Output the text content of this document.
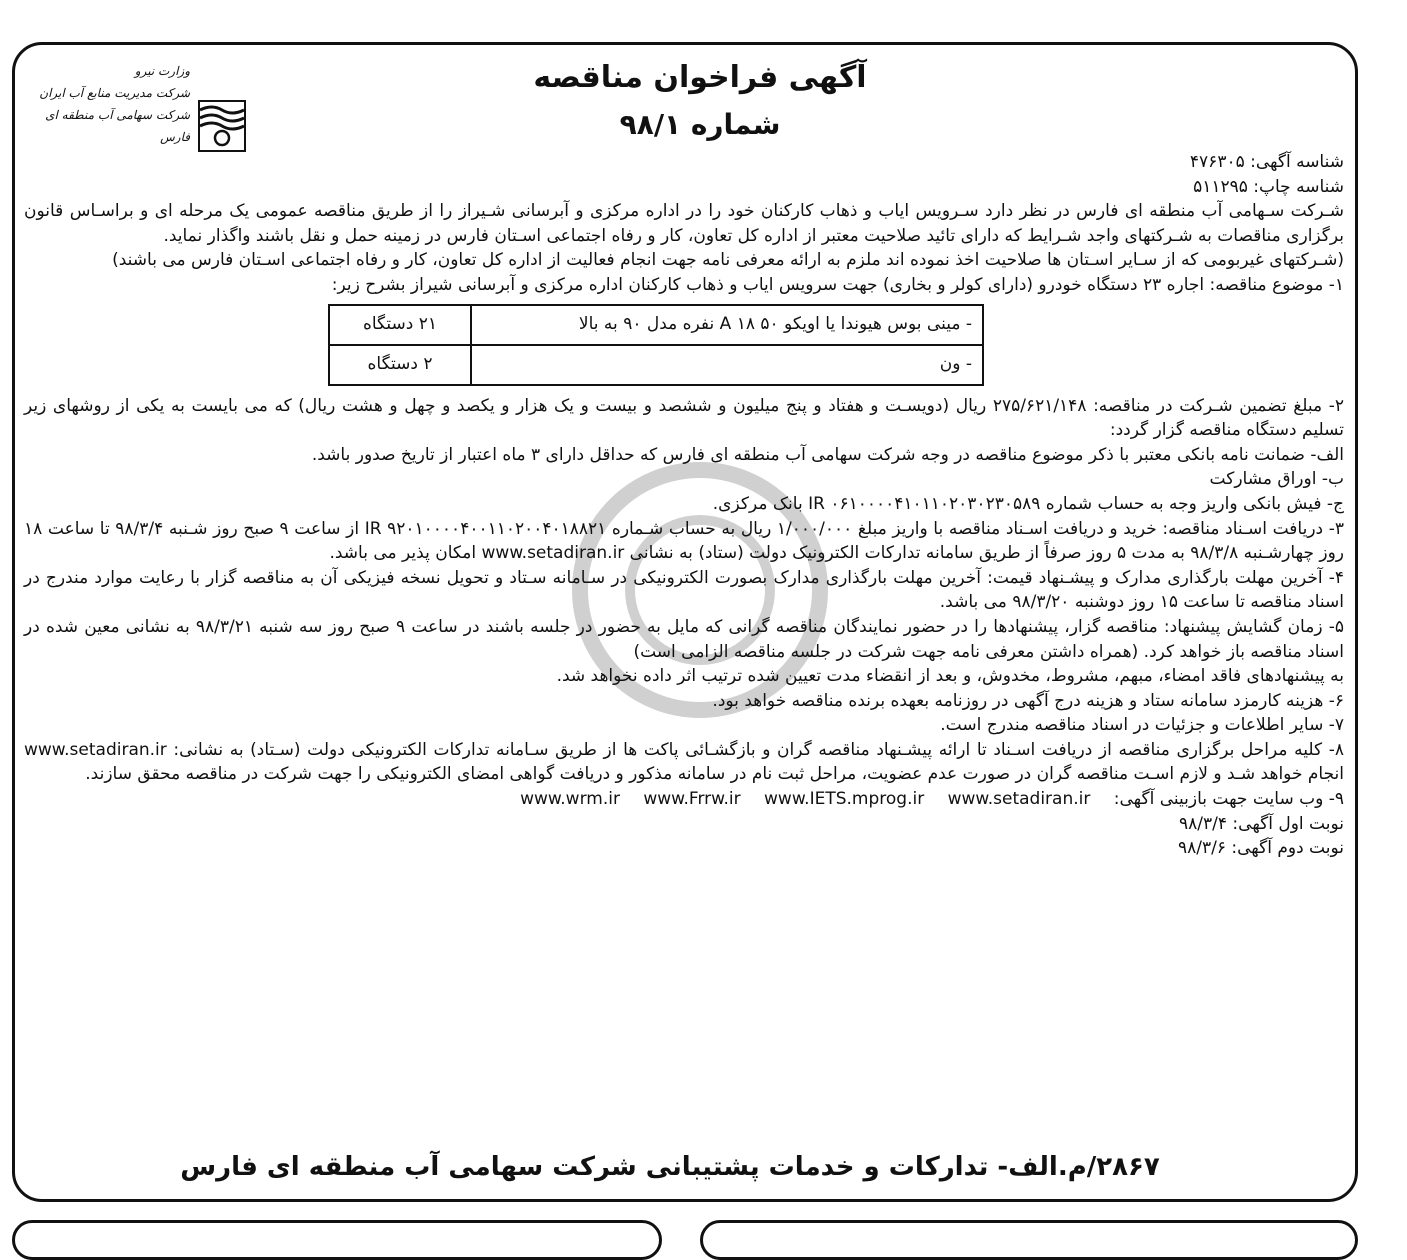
وزارت نیرو
شرکت مدیریت منابع آب ایران
شرکت سهامی آب منطقه ای فارس
آگهی فراخوان مناقصه
شماره ۹۸/۱

شناسه آگهی: ۴۷۶۳۰۵

شناسه چاپ: ۵۱۱۲۹۵

شـرکت سـهامی آب منطقه ای فارس در نظر دارد سـرویس ایاب و ذهاب کارکنان خود را در اداره مرکزی و آبرسانی شـیراز را از طریق مناقصه عمومی یک مرحله ای و براسـاس قانون برگزاری مناقصات به شـرکتهای واجد شـرایط که دارای تائید صلاحیت معتبر از اداره کل تعاون، کار و رفاه اجتماعی اسـتان فارس در زمینه حمل و نقل باشند واگذار نماید.

(شـرکتهای غیربومی که از سـایر اسـتان ها صلاحیت اخذ نموده اند ملزم به ارائه معرفی نامه جهت انجام فعالیت از اداره کل تعاون، کار و رفاه اجتماعی اسـتان فارس می باشند)

۱- موضوع مناقصه: اجاره ۲۳ دستگاه خودرو (دارای کولر و بخاری) جهت سرویس ایاب و ذهاب کارکنان اداره مرکزی و آبرسانی شیراز بشرح زیر:

- مینی بوس هیوندا یا اویکو ۵۰ A ۱۸ نفره مدل ۹۰ به بالا	۲۱ دستگاه
- ون	۲ دستگاه

۲- مبلغ تضمین شـرکت در مناقصه: ۲۷۵/۶۲۱/۱۴۸ ریال (دویسـت و هفتاد و پنج میلیون و ششصد و بیست و یک هزار و یکصد و چهل و هشت ریال) که می بایست به یکی از روشهای زیر تسلیم دستگاه مناقصه گزار گردد:

الف- ضمانت نامه بانکی معتبر با ذکر موضوع مناقصه در وجه شرکت سهامی آب منطقه ای فارس که حداقل دارای ۳ ماه اعتبار از تاریخ صدور باشد.

ب- اوراق مشارکت

ج- فیش بانکی واریز وجه به حساب شماره IR ۰۶۱۰۰۰۰۴۱۰۱۱۰۲۰۳۰۲۳۰۵۸۹ بانک مرکزی.

۳- دریافت اسـناد مناقصه: خرید و دریافت اسـناد مناقصه با واریز مبلغ ۱/۰۰۰/۰۰۰ ریال به حساب شـماره IR ۹۲۰۱۰۰۰۰۴۰۰۱۱۰۲۰۰۴۰۱۸۸۲۱ از ساعت ۹ صبح روز شـنبه ۹۸/۳/۴ تا ساعت ۱۸ روز چهارشـنبه ۹۸/۳/۸ به مدت ۵ روز صرفاً از طریق سامانه تدارکات الکترونیک دولت (ستاد) به نشانی www.setadiran.ir امکان پذیر می باشد.

۴- آخرین مهلت بارگذاری مدارک و پیشـنهاد قیمت: آخرین مهلت بارگذاری مدارک بصورت الکترونیکی در سـامانه سـتاد و تحویل نسخه فیزیکی آن به مناقصه گزار با رعایت موارد مندرج در اسناد مناقصه تا ساعت ۱۵ روز دوشنبه ۹۸/۳/۲۰ می باشد.

۵- زمان گشایش پیشنهاد: مناقصه گزار، پیشنهادها را در حضور نمایندگان مناقصه گرانی که مایل به حضور در جلسه باشند در ساعت ۹ صبح روز سه شنبه ۹۸/۳/۲۱ به نشانی معین شده در اسناد مناقصه باز خواهد کرد. (همراه داشتن معرفی نامه جهت شرکت در جلسه مناقصه الزامی است)

به پیشنهادهای فاقد امضاء، مبهم، مشروط، مخدوش، و بعد از انقضاء مدت تعیین شده ترتیب اثر داده نخواهد شد.

۶- هزینه کارمزد سامانه ستاد و هزینه درج آگهی در روزنامه بعهده برنده مناقصه خواهد بود.

۷- سایر اطلاعات و جزئیات در اسناد مناقصه مندرج است.

۸- کلیه مراحل برگزاری مناقصه از دریافت اسـناد تا ارائه پیشـنهاد مناقصه گران و بازگشـائی پاکت ها از طریق سـامانه تدارکات الکترونیکی دولت (سـتاد) به نشانی: www.setadiran.ir انجام خواهد شـد و لازم اسـت مناقصه گران در صورت عدم عضویت، مراحل ثبت نام در سامانه مذکور و دریافت گواهی امضای الکترونیکی را جهت شرکت در مناقصه محقق سازند.

۹- وب سایت جهت بازبینی آگهی: www.wrm.ir www.Frrw.ir www.IETS.mprog.ir www.setadiran.ir

نوبت اول آگهی: ۹۸/۳/۴

نوبت دوم آگهی: ۹۸/۳/۶

۲۸۶۷/م.الف- تدارکات و خدمات پشتیبانی شرکت سهامی آب منطقه ای فارس
